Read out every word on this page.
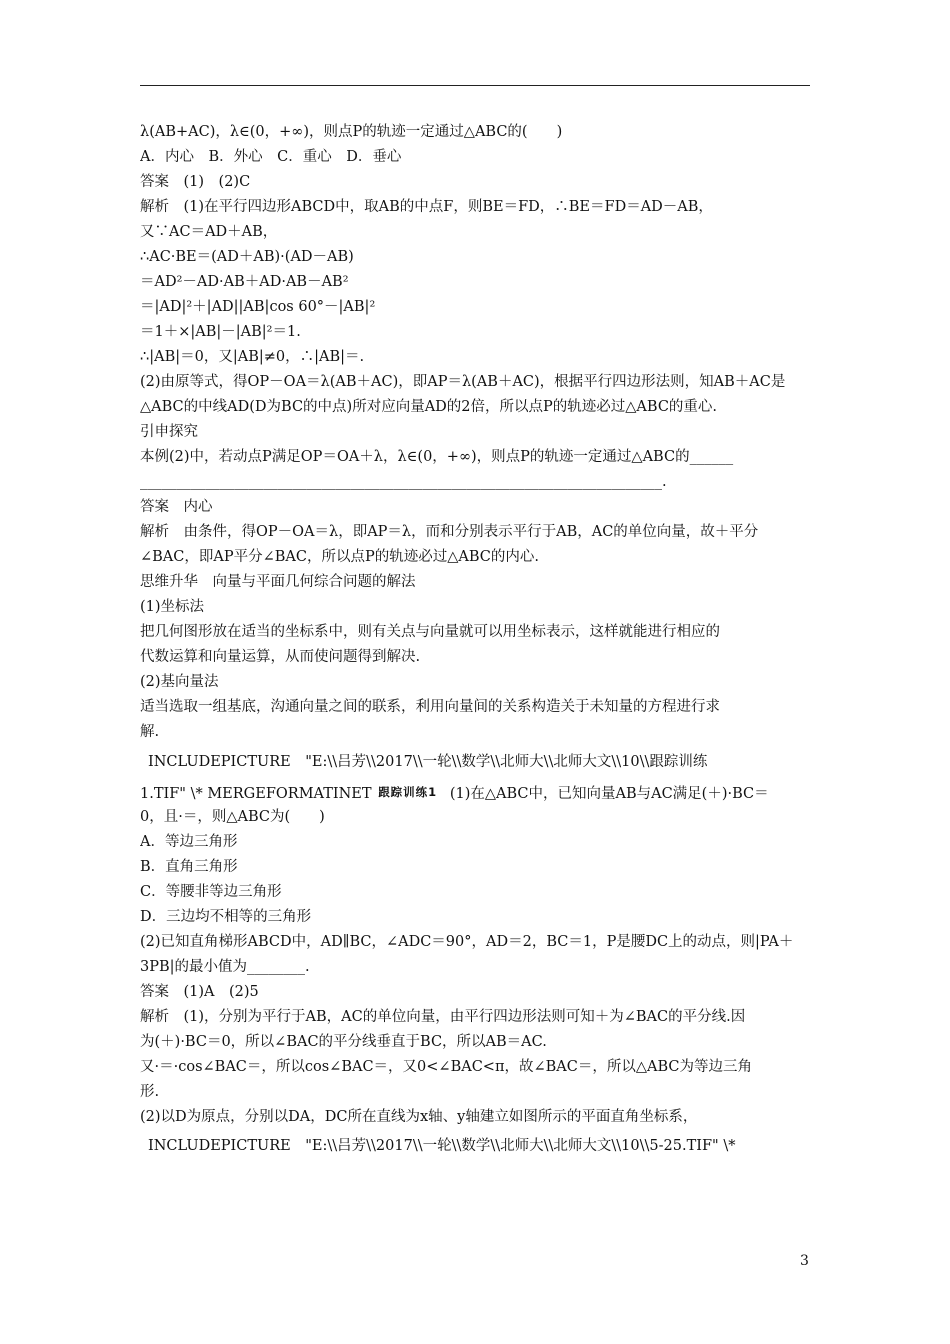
λ(AB+AC)，λ∈(0，+∞)，则点P的轨迹一定通过△ABC的(　　)
A．内心　B．外心　C．重心　D．垂心
答案　(1)　(2)C
解析　(1)在平行四边形ABCD中，取AB的中点F，则BE＝FD，∴BE＝FD＝AD－AB，
又∵AC＝AD＋AB，
∴AC·BE＝(AD＋AB)·(AD－AB)
＝AD²－AD·AB＋AD·AB－AB²
＝|AD|²＋|AD||AB|cos 60°－|AB|²
＝1＋×|AB|－|AB|²＝1.
∴|AB|＝0，又|AB|≠0，∴|AB|＝.
(2)由原等式，得OP－OA＝λ(AB＋AC)，即AP＝λ(AB＋AC)，根据平行四边形法则，知AB＋AC是
△ABC的中线AD(D为BC的中点)所对应向量AD的2倍，所以点P的轨迹必过△ABC的重心.
引申探究
本例(2)中，若动点P满足OP＝OA＋λ，λ∈(0，+∞)，则点P的轨迹一定通过△ABC的______
________________________________________________________________________.
答案　内心
解析　由条件，得OP－OA＝λ，即AP＝λ，而和分别表示平行于AB，AC的单位向量，故＋平分
∠BAC，即AP平分∠BAC，所以点P的轨迹必过△ABC的内心.
思维升华　向量与平面几何综合问题的解法
(1)坐标法
把几何图形放在适当的坐标系中，则有关点与向量就可以用坐标表示，这样就能进行相应的
代数运算和向量运算，从而使问题得到解决.
(2)基向量法
适当选取一组基底，沟通向量之间的联系，利用向量间的关系构造关于未知量的方程进行求
解.
INCLUDEPICTURE　"E:\\吕芳\\2017\\一轮\\数学\\北师大\\北师大文\\10\\跟踪训练
1.TIF" \* MERGEFORMATINET 跟踪训练1 (1)在△ABC中，已知向量AB与AC满足(＋)·BC＝
0，且·＝，则△ABC为(　　)
A．等边三角形
B．直角三角形
C．等腰非等边三角形
D．三边均不相等的三角形
(2)已知直角梯形ABCD中，AD∥BC，∠ADC＝90°，AD＝2，BC＝1，P是腰DC上的动点，则|PA＋
3PB|的最小值为________.
答案　(1)A　(2)5
解析　(1)，分别为平行于AB，AC的单位向量，由平行四边形法则可知＋为∠BAC的平分线.因
为(＋)·BC＝0，所以∠BAC的平分线垂直于BC，所以AB＝AC.
又·＝·cos∠BAC＝，所以cos∠BAC＝，又0<∠BAC<π，故∠BAC＝，所以△ABC为等边三角
形.
(2)以D为原点，分别以DA，DC所在直线为x轴、y轴建立如图所示的平面直角坐标系，
INCLUDEPICTURE　"E:\\吕芳\\2017\\一轮\\数学\\北师大\\北师大文\\10\\5-25.TIF" \*
3
